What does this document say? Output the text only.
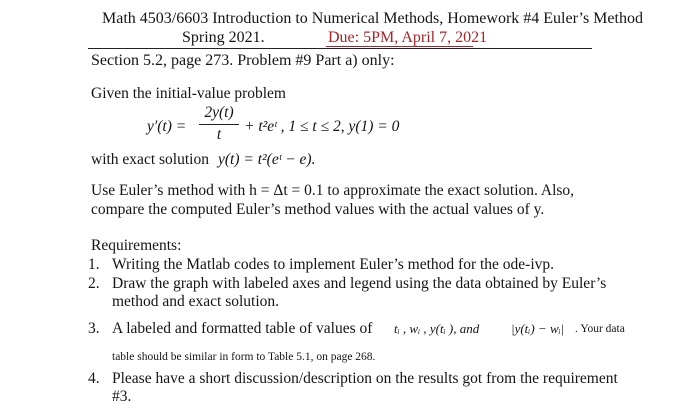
Math 4503/6603 Introduction to Numerical Methods, Homework #4 Euler’s Method
Spring 2021.	Due: 5PM, April 7, 2021
Section 5.2, page 273. Problem #9 Part a) only:
Given the initial-value problem
y′(t) =
2y(t)
t	+ t²eᵗ , 1 ≤ t ≤ 2, y(1) = 0
with exact solution y(t) = t²(eᵗ − e).
Use Euler’s method with h = Δt = 0.1 to approximate the exact solution. Also,
compare the computed Euler’s method values with the actual values of y.
Requirements:
1. Writing the Matlab codes to implement Euler’s method for the ode-ivp.
2. Draw the graph with labeled axes and legend using the data obtained by Euler’s
method and exact solution.
3. A labeled and formatted table of values of tᵢ , wᵢ , y(tᵢ ), and |y(tᵢ) − wᵢ| . Your data
table should be similar in form to Table 5.1, on page 268.
4. Please have a short discussion/description on the results got from the requirement
#3.
